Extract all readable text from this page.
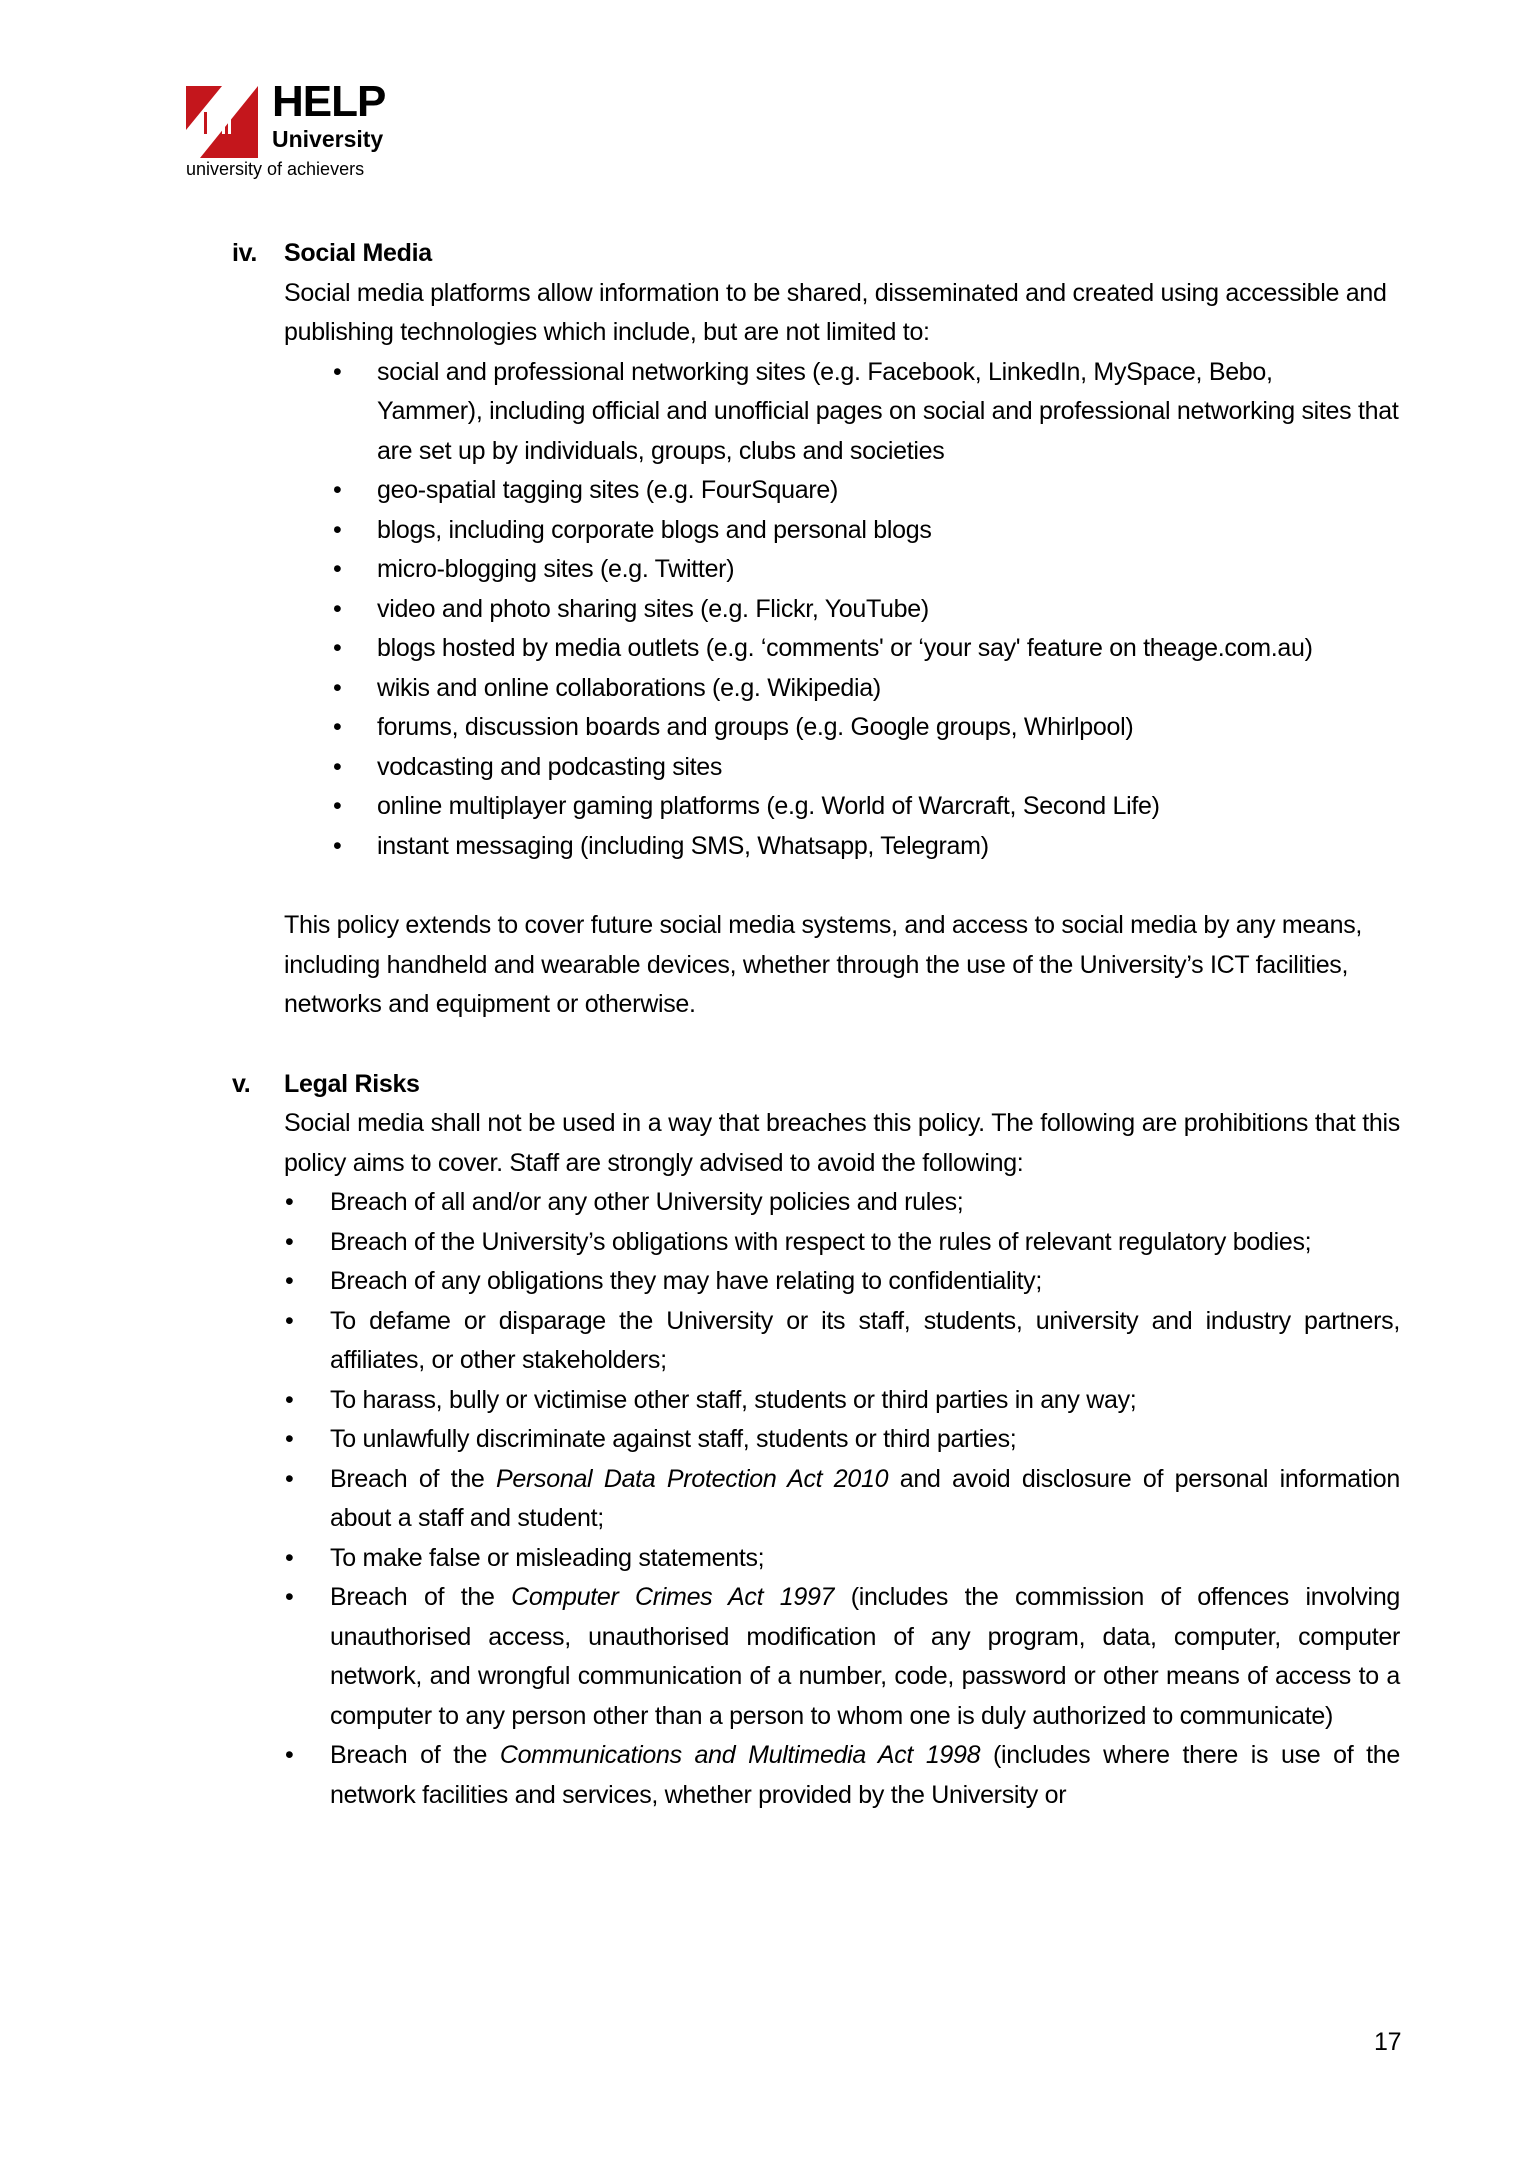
HELP
University
university of achievers
iv. Social Media

Social media platforms allow information to be shared, disseminated and created using accessible and publishing technologies which include, but are not limited to:

• social and professional networking sites (e.g. Facebook, LinkedIn, MySpace, Bebo,
Yammer), including official and unofficial pages on social and professional networking sites that are set up by individuals, groups, clubs and societies
• geo-spatial tagging sites (e.g. FourSquare)
• blogs, including corporate blogs and personal blogs
• micro-blogging sites (e.g. Twitter)
• video and photo sharing sites (e.g. Flickr, YouTube)
• blogs hosted by media outlets (e.g. ‘comments' or ‘your say' feature on theage.com.au)
• wikis and online collaborations (e.g. Wikipedia)
• forums, discussion boards and groups (e.g. Google groups, Whirlpool)
• vodcasting and podcasting sites
• online multiplayer gaming platforms (e.g. World of Warcraft, Second Life)
• instant messaging (including SMS, Whatsapp, Telegram)

This policy extends to cover future social media systems, and access to social media by any means, including handheld and wearable devices, whether through the use of the University’s ICT facilities, networks and equipment or otherwise.

v. Legal Risks

Social media shall not be used in a way that breaches this policy. The following are prohibitions that this policy aims to cover. Staff are strongly advised to avoid the following:

• Breach of all and/or any other University policies and rules;
• Breach of the University’s obligations with respect to the rules of relevant regulatory bodies;
• Breach of any obligations they may have relating to confidentiality;
• To defame or disparage the University or its staff, students, university and industry partners, affiliates, or other stakeholders;
• To harass, bully or victimise other staff, students or third parties in any way;
• To unlawfully discriminate against staff, students or third parties;
• Breach of the Personal Data Protection Act 2010 and avoid disclosure of personal information about a staff and student;
• To make false or misleading statements;
• Breach of the Computer Crimes Act 1997 (includes the commission of offences involving unauthorised access, unauthorised modification of any program, data, computer, computer network, and wrongful communication of a number, code, password or other means of access to a computer to any person other than a person to whom one is duly authorized to communicate)
• Breach of the Communications and Multimedia Act 1998 (includes where there is use of the network facilities and services, whether provided by the University or
17
